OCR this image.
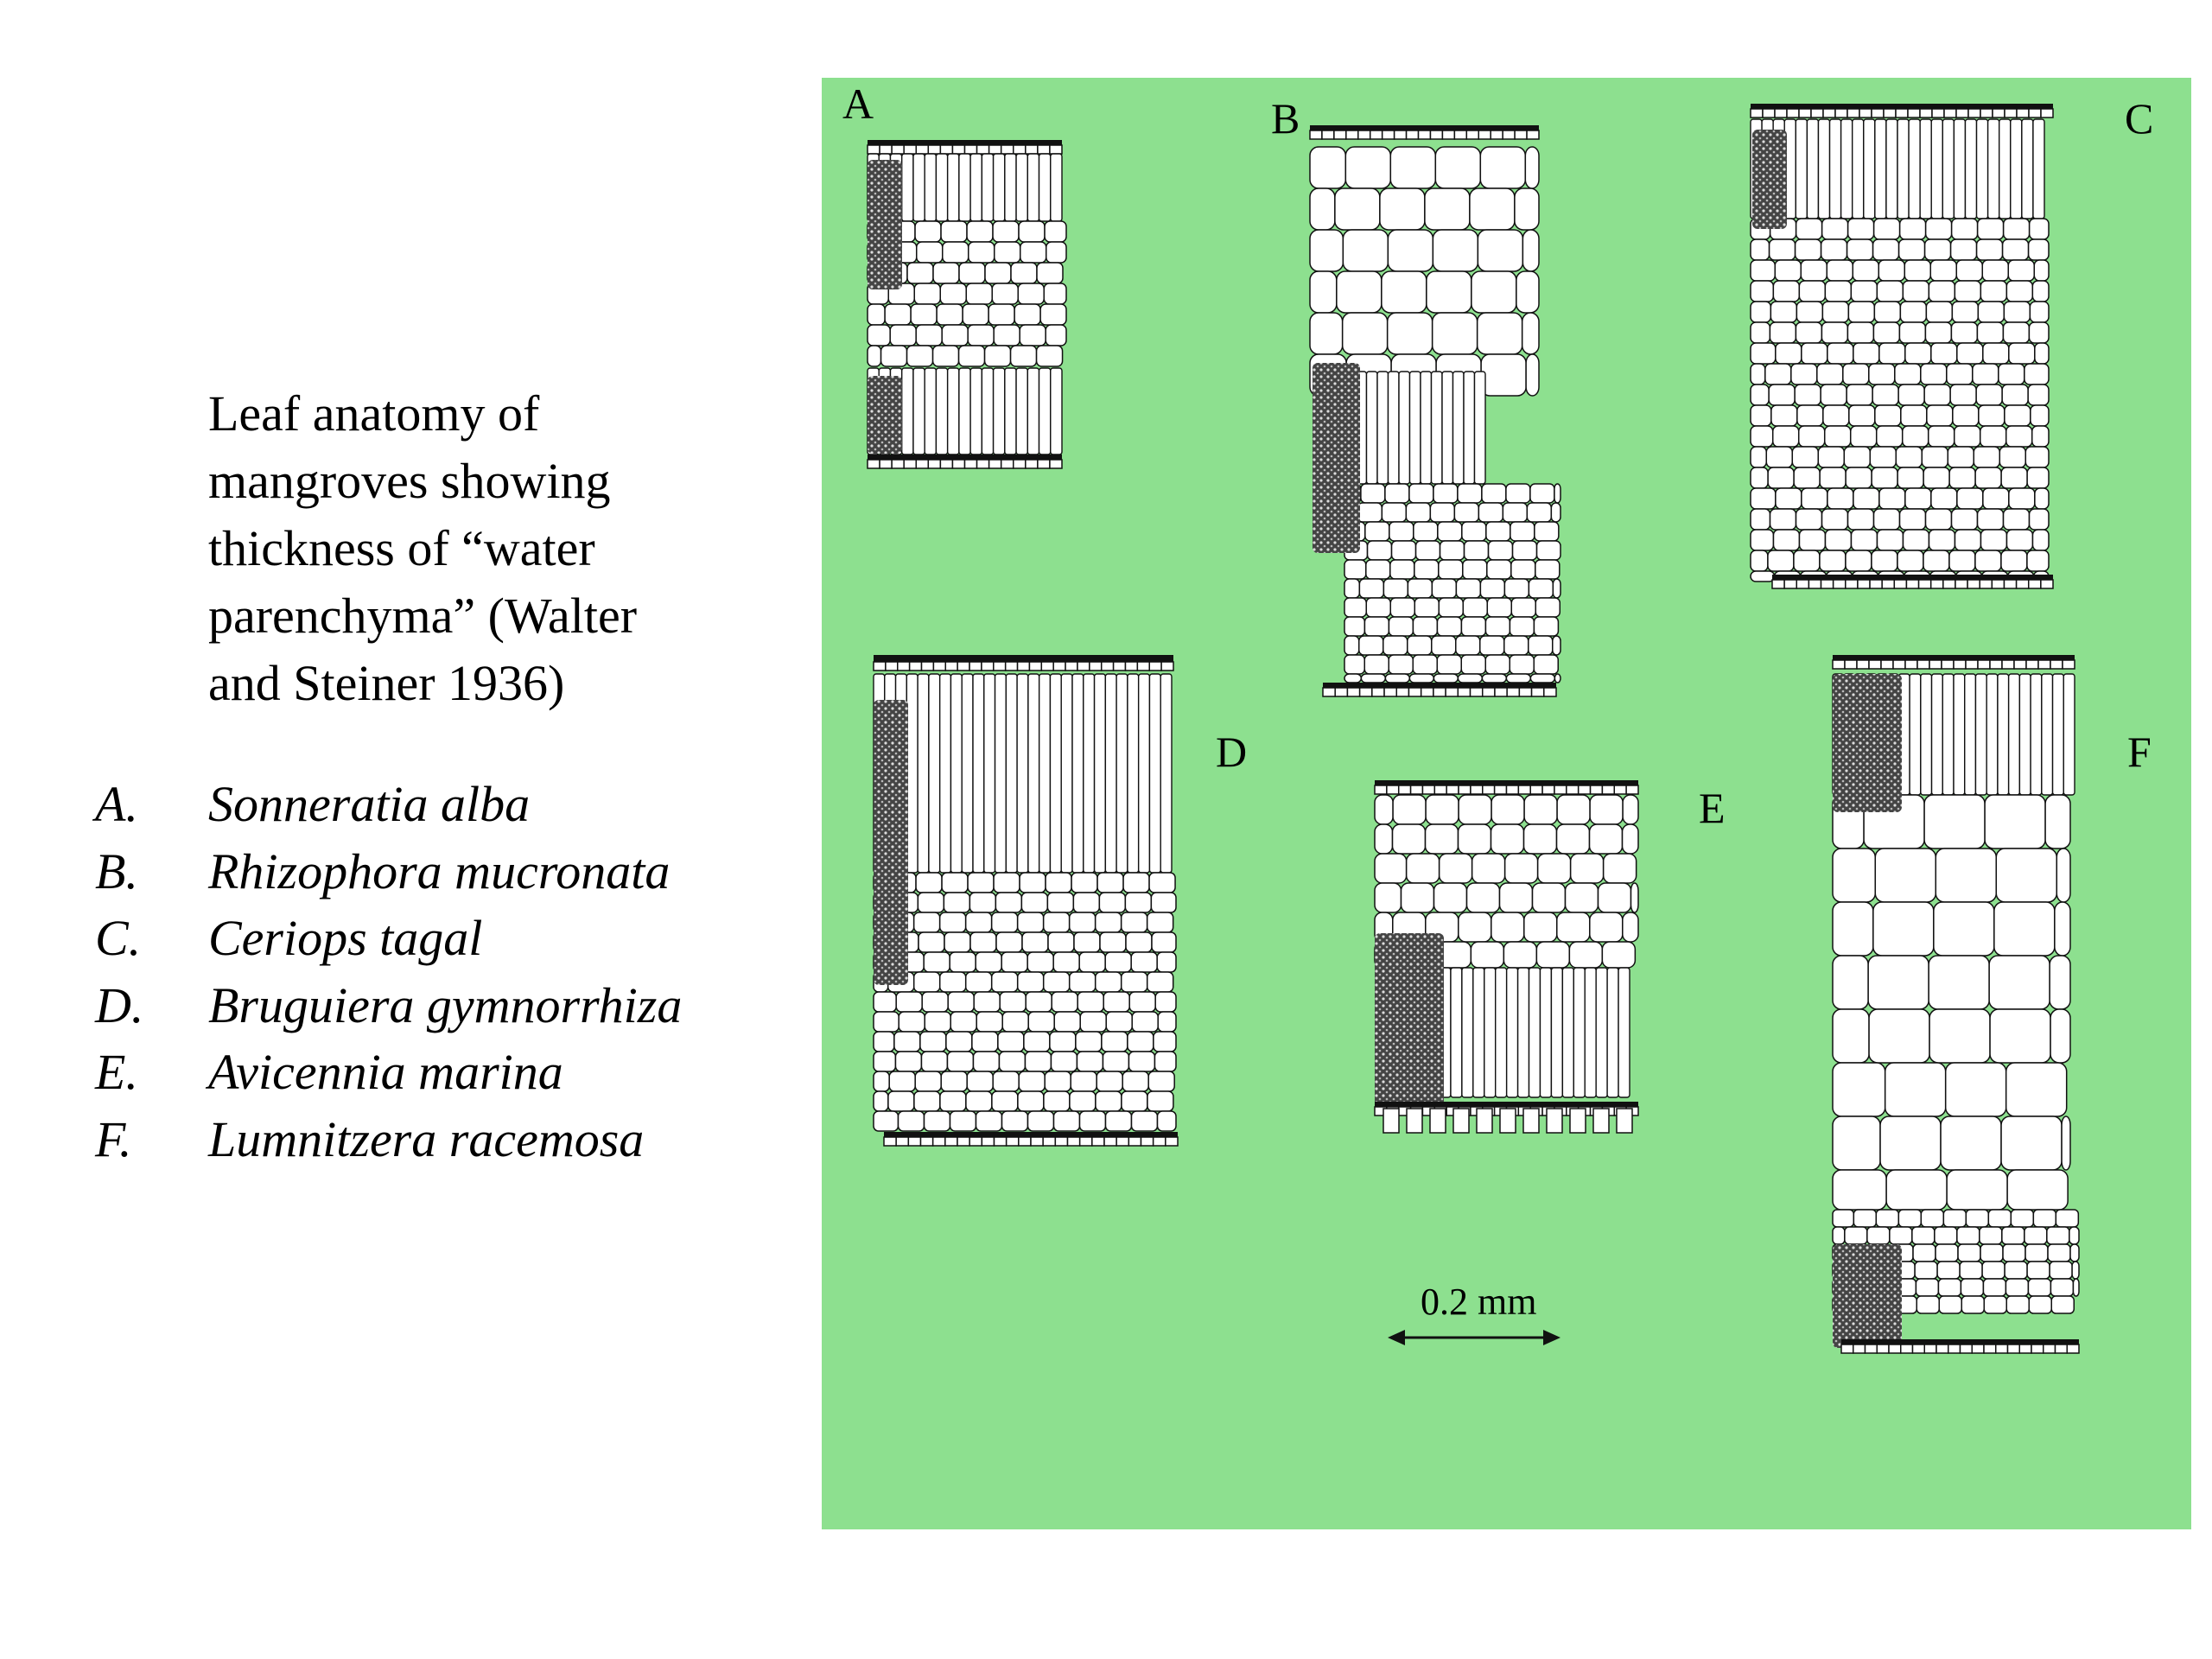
Leaf anatomy of
mangroves showing
thickness of “water
parenchyma” (Walter
and Steiner 1936)
A.	Sonneratia alba
B.	Rhizophora mucronata
C.	Ceriops tagal
D.	Bruguiera gymnorrhiza
E.	Avicennia marina
F.	Lumnitzera racemosa
A	B	C
D
E
F
0.2 mm
